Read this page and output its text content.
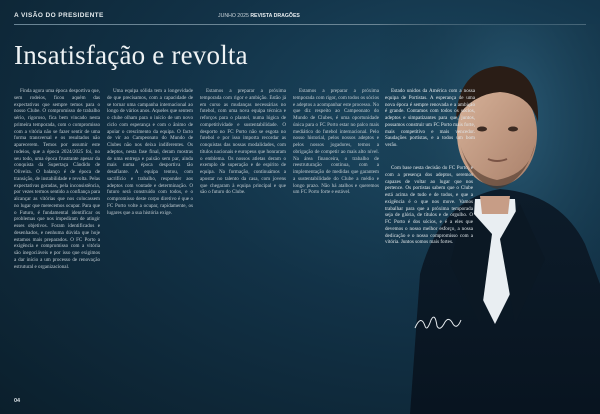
A VISÃO DO PRESIDENTE	JUNHO 2025 REVISTA DRAGÕES
Insatisfação e revolta

Finda agora uma época desportiva que, sem rodeios, ficou aquém das expectativas que sempre temos para o nosso Clube. O compromisso de trabalho sério, rigoroso, fica bem vincado nesta primeira temporada, com o compromisso com a vitória não se fazer sentir de uma forma transversal e os resultados não aparecerem. Temos por assumir este rodeios, que a época 2024/2025 foi, no seu todo, uma época frustrante apesar da conquista da Supertaça Cândido de Oliveira. O balanço é de época de transição, de instabilidade e revolta. Pelas expectativas goradas, pela inconsistência, por vezes termos sentido a confiança para alcançar as vitórias que nos colocassem no lugar que merecemos ocupar. Para que o Futuro, é fundamental identificar os problemas que nos impediram de atingir esses objetivos. Foram identificados e desenhados, e nenhuma dúvida que hoje estamos mais preparados. O FC Porto a exigência e compromisso com a vitória são inegociáveis e por isso que exigimos a dar início a um processo de renovação estrutural e organizacional.

Uma equipa sólida tem a longevidade de que precisamos, com a capacidade de se tornar uma campanha internacional ao longo de vários anos. Aqueles que sentem o clube olham para o início de um novo ciclo com esperança e com o ânimo de apoiar o crescimento da equipa. O facto de vir ao Campeonato do Mundo de Clubes não nos deixa indiferentes. Os adeptos, nesta fase final, deram mostras de uma entrega e paixão sem par, ainda mais numa época desportiva tão desafiante. A equipa tentou, com sacrifício e trabalho, responder aos adeptos com vontade e determinação. O futuro será construído com todos, e o compromisso deste corpo diretivo é que o FC Porto volte a ocupar, rapidamente, os lugares que a sua história exige.

Estamos a preparar a próxima temporada com rigor e ambição. Estão já em curso as mudanças necessárias no futebol, com uma nova equipa técnica e reforços para o plantel, numa lógica de competitividade e sustentabilidade. O desporto no FC Porto não se esgota no futebol e por isso importa recordar as conquistas das nossas modalidades, com títulos nacionais e europeus que honraram o emblema. Os nossos atletas deram o exemplo de superação e de espírito de equipa. Na formação, continuámos a apostar no talento da casa, com jovens que chegaram à equipa principal e que são o futuro do Clube.

Estamos a preparar a próxima temporada com rigor, com todos os sócios e adeptos a acompanhar este processo. No que diz respeito ao Campeonato do Mundo de Clubes, é uma oportunidade única para o FC Porto estar no palco mais mediático do futebol internacional. Pelo nosso historial, pelos nossos adeptos e pelos nossos jogadores, temos a obrigação de competir ao mais alto nível. Na área financeira, o trabalho de reestruturação continua, com a implementação de medidas que garantem a sustentabilidade do Clube a médio e longo prazo. Não há atalhos e queremos um FC Porto forte e estável.

Estado unidos da América com a nossa equipa de Portistas. A esperança de uma nova época é sempre renovada e a ambição é grande. Contamos com todos os sócios, adeptos e simpatizantes para que, juntos, possamos construir um FC Porto mais forte, mais competitivo e mais vencedor. Saudações portistas, e a todos um bom verão.

Com base nesta decisão do FC Porto, e com a presença dos adeptos, seremos capazes de voltar ao lugar que nos pertence. Os portistas sabem que o Clube está acima de tudo e de todos, e que a exigência é o que nos move. Vamos trabalhar para que a próxima temporada seja de glória, de títulos e de orgulho. O FC Porto é dos sócios, e é a eles que devemos o nosso melhor esforço, a nossa dedicação e o nosso compromisso com a vitória. Juntos somos mais fortes.

04
